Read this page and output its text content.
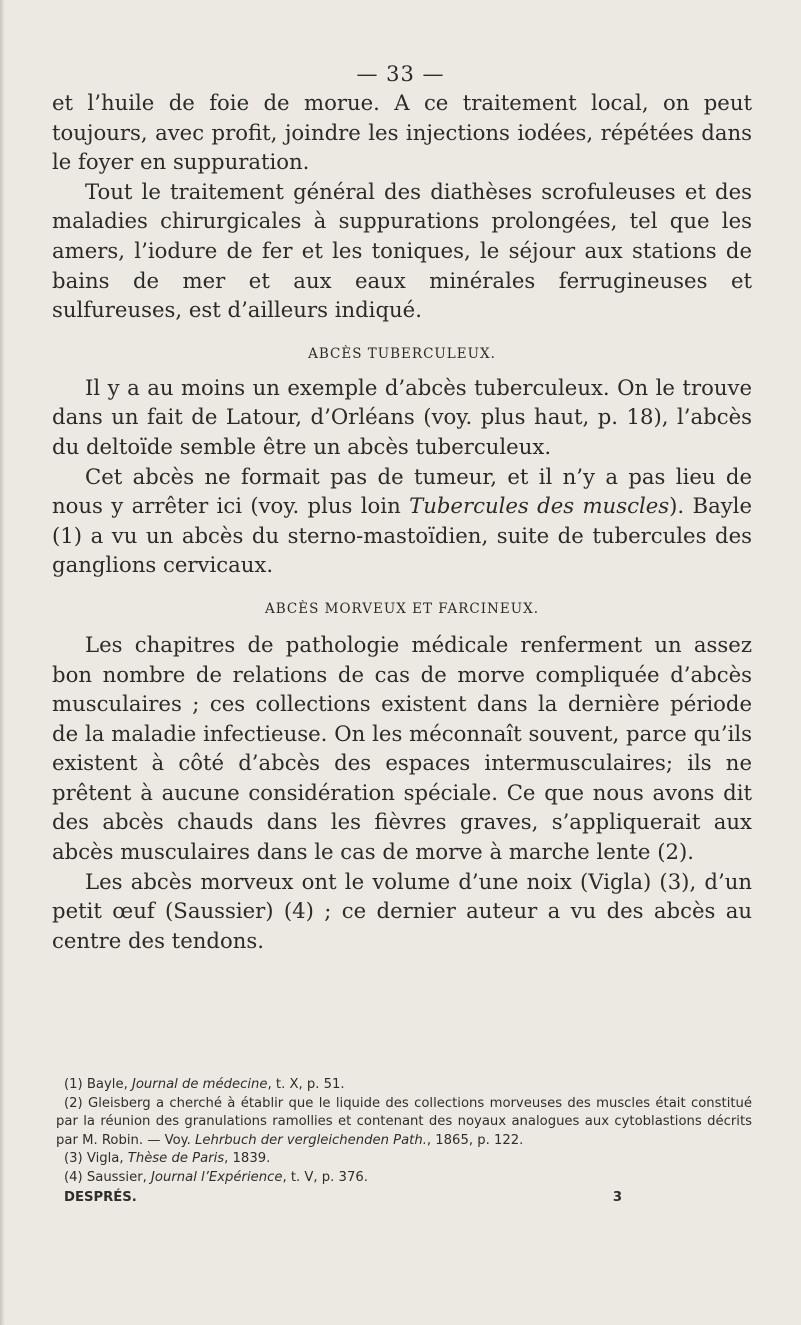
— 33 —

et l’huile de foie de morue. A ce traitement local, on peut toujours, avec profit, joindre les injections iodées, répétées dans le foyer en suppuration.

Tout le traitement général des diathèses scrofuleuses et des maladies chirurgicales à suppurations prolongées, tel que les amers, l’iodure de fer et les toniques, le séjour aux stations de bains de mer et aux eaux minérales ferrugineuses et sulfureuses, est d’ailleurs indiqué.

ABCÈS TUBERCULEUX.

Il y a au moins un exemple d’abcès tuberculeux. On le trouve dans un fait de Latour, d’Orléans (voy. plus haut, p. 18), l’abcès du deltoïde semble être un abcès tuberculeux.

Cet abcès ne formait pas de tumeur, et il n’y a pas lieu de nous y arrêter ici (voy. plus loin Tubercules des muscles). Bayle (1) a vu un abcès du sterno-mastoïdien, suite de tubercules des ganglions cervicaux.

ABCÈS MORVEUX ET FARCINEUX.

Les chapitres de pathologie médicale renferment un assez bon nombre de relations de cas de morve compliquée d’abcès musculaires ; ces collections existent dans la dernière période de la maladie infectieuse. On les méconnaît souvent, parce qu’ils existent à côté d’abcès des espaces intermusculaires; ils ne prêtent à aucune considération spéciale. Ce que nous avons dit des abcès chauds dans les fièvres graves, s’appliquerait aux abcès musculaires dans le cas de morve à marche lente (2).

Les abcès morveux ont le volume d’une noix (Vigla) (3), d’un petit œuf (Saussier) (4) ; ce dernier auteur a vu des abcès au centre des tendons.

(1) Bayle, Journal de médecine, t. X, p. 51.

(2) Gleisberg a cherché à établir que le liquide des collections morveuses des muscles était constitué par la réunion des granulations ramollies et contenant des noyaux analogues aux cytoblastions décrits par M. Robin. — Voy. Lehrbuch der vergleichenden Path., 1865, p. 122.

(3) Vigla, Thèse de Paris, 1839.

(4) Saussier, Journal l’Expérience, t. V, p. 376.

DESPRÉS.	3
